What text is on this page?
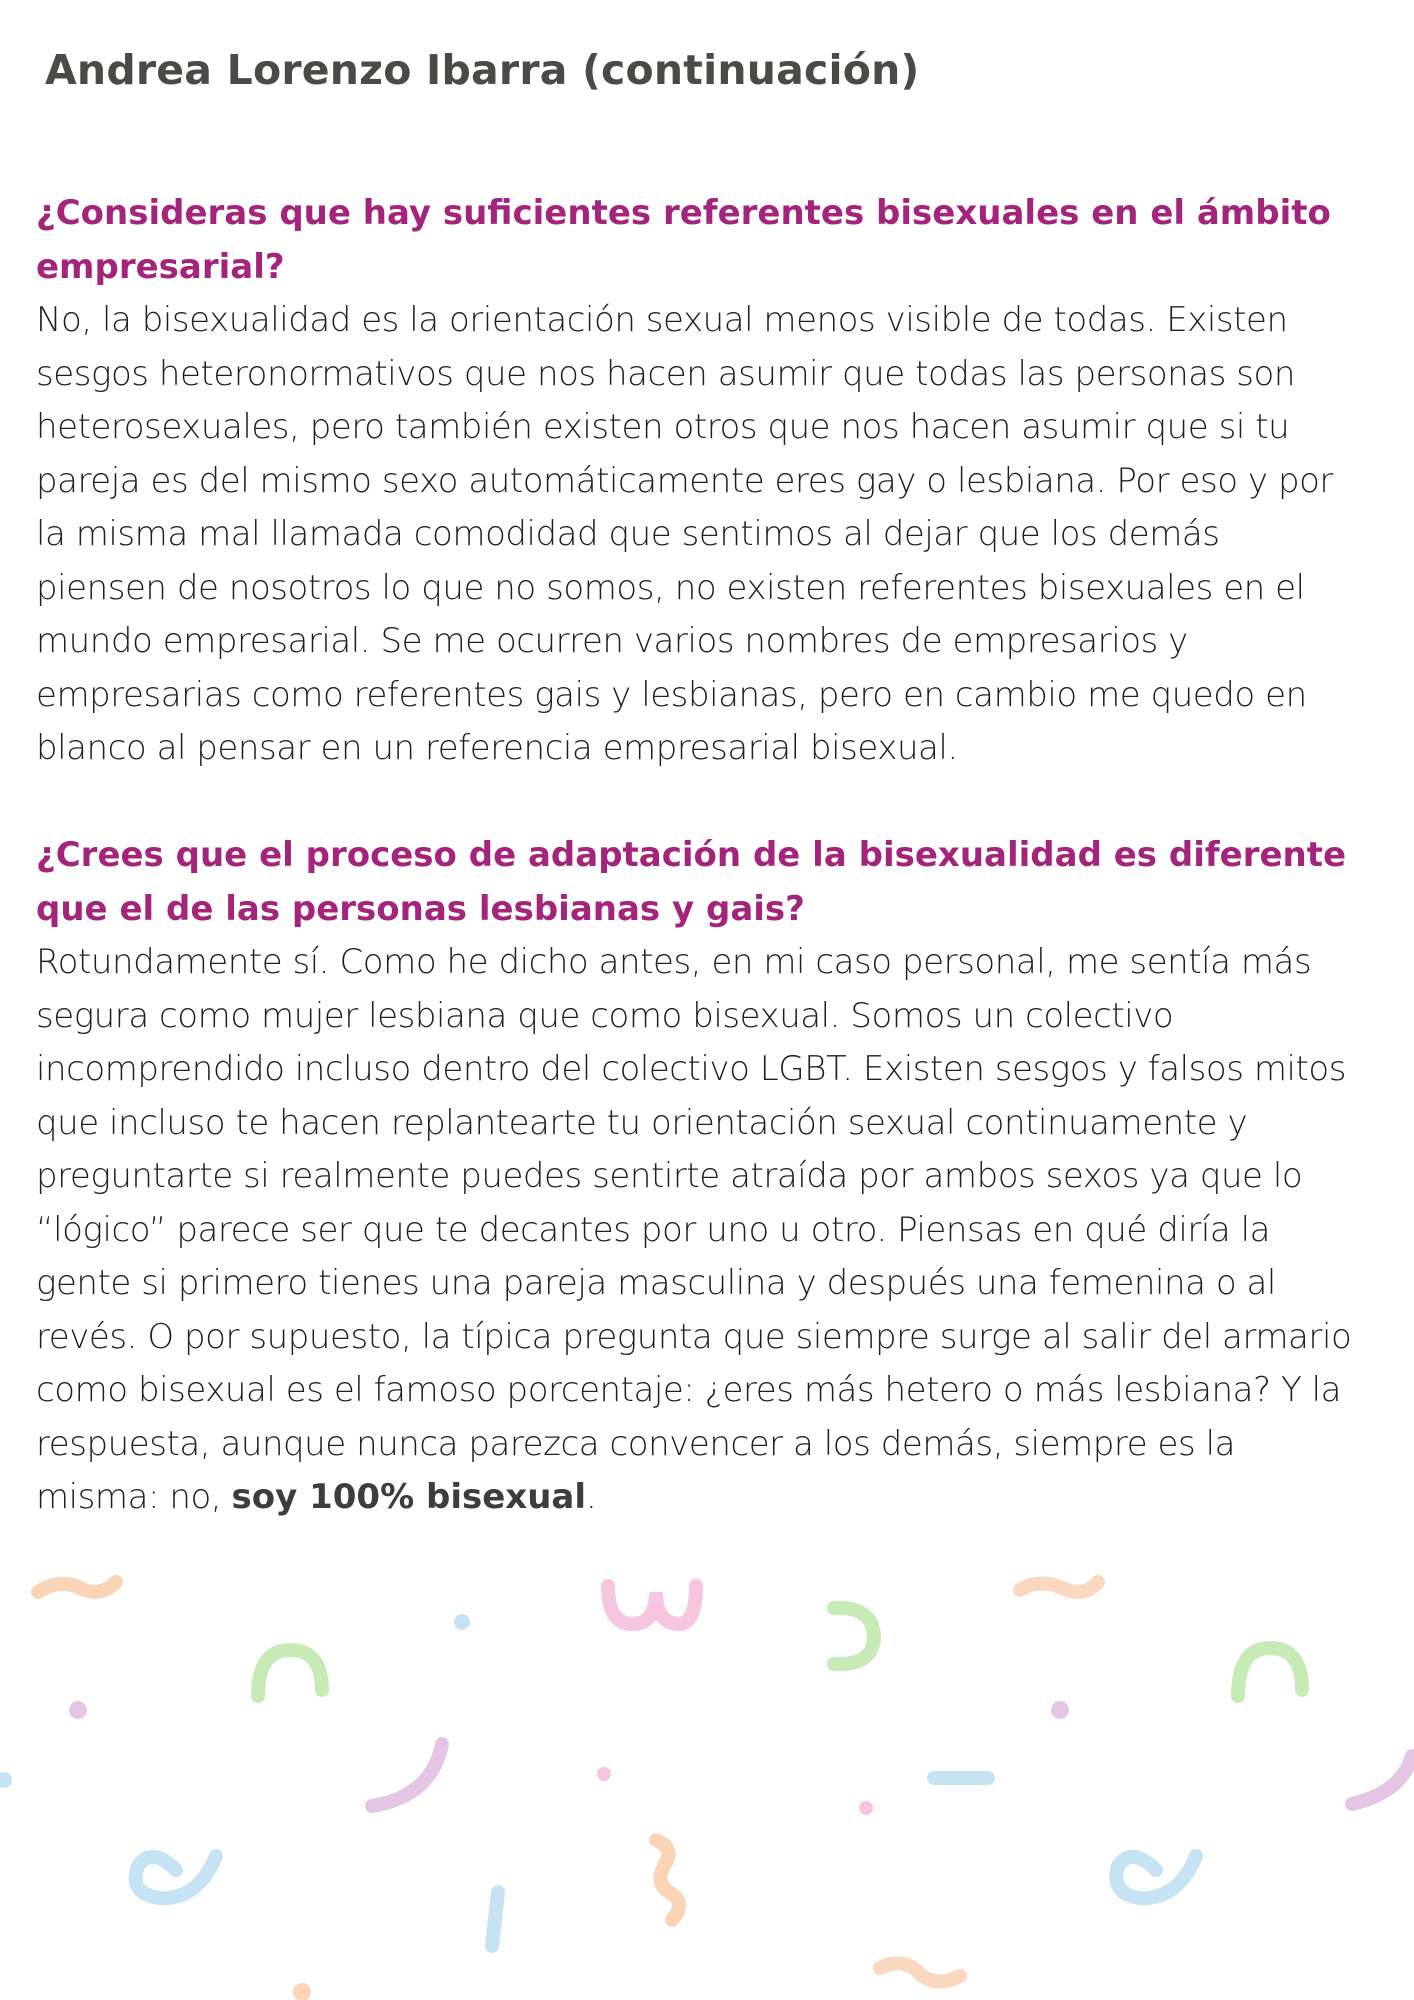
Andrea Lorenzo Ibarra (continuación)

¿Consideras que hay suficientes referentes bisexuales en el ámbito empresarial?

No, la bisexualidad es la orientación sexual menos visible de todas. Existen
sesgos heteronormativos que nos hacen asumir que todas las personas son
heterosexuales, pero también existen otros que nos hacen asumir que si tu
pareja es del mismo sexo automáticamente eres gay o lesbiana. Por eso y por
la misma mal llamada comodidad que sentimos al dejar que los demás
piensen de nosotros lo que no somos, no existen referentes bisexuales en el
mundo empresarial. Se me ocurren varios nombres de empresarios y
empresarias como referentes gais y lesbianas, pero en cambio me quedo en
blanco al pensar en un referencia empresarial bisexual.

¿Crees que el proceso de adaptación de la bisexualidad es diferente que el de las personas lesbianas y gais?

Rotundamente sí. Como he dicho antes, en mi caso personal, me sentía más
segura como mujer lesbiana que como bisexual. Somos un colectivo
incomprendido incluso dentro del colectivo LGBT. Existen sesgos y falsos mitos
que incluso te hacen replantearte tu orientación sexual continuamente y
preguntarte si realmente puedes sentirte atraída por ambos sexos ya que lo
“lógico” parece ser que te decantes por uno u otro. Piensas en qué diría la
gente si primero tienes una pareja masculina y después una femenina o al
revés. O por supuesto, la típica pregunta que siempre surge al salir del armario
como bisexual es el famoso porcentaje: ¿eres más hetero o más lesbiana? Y la
respuesta, aunque nunca parezca convencer a los demás, siempre es la
misma: no, soy 100% bisexual.
